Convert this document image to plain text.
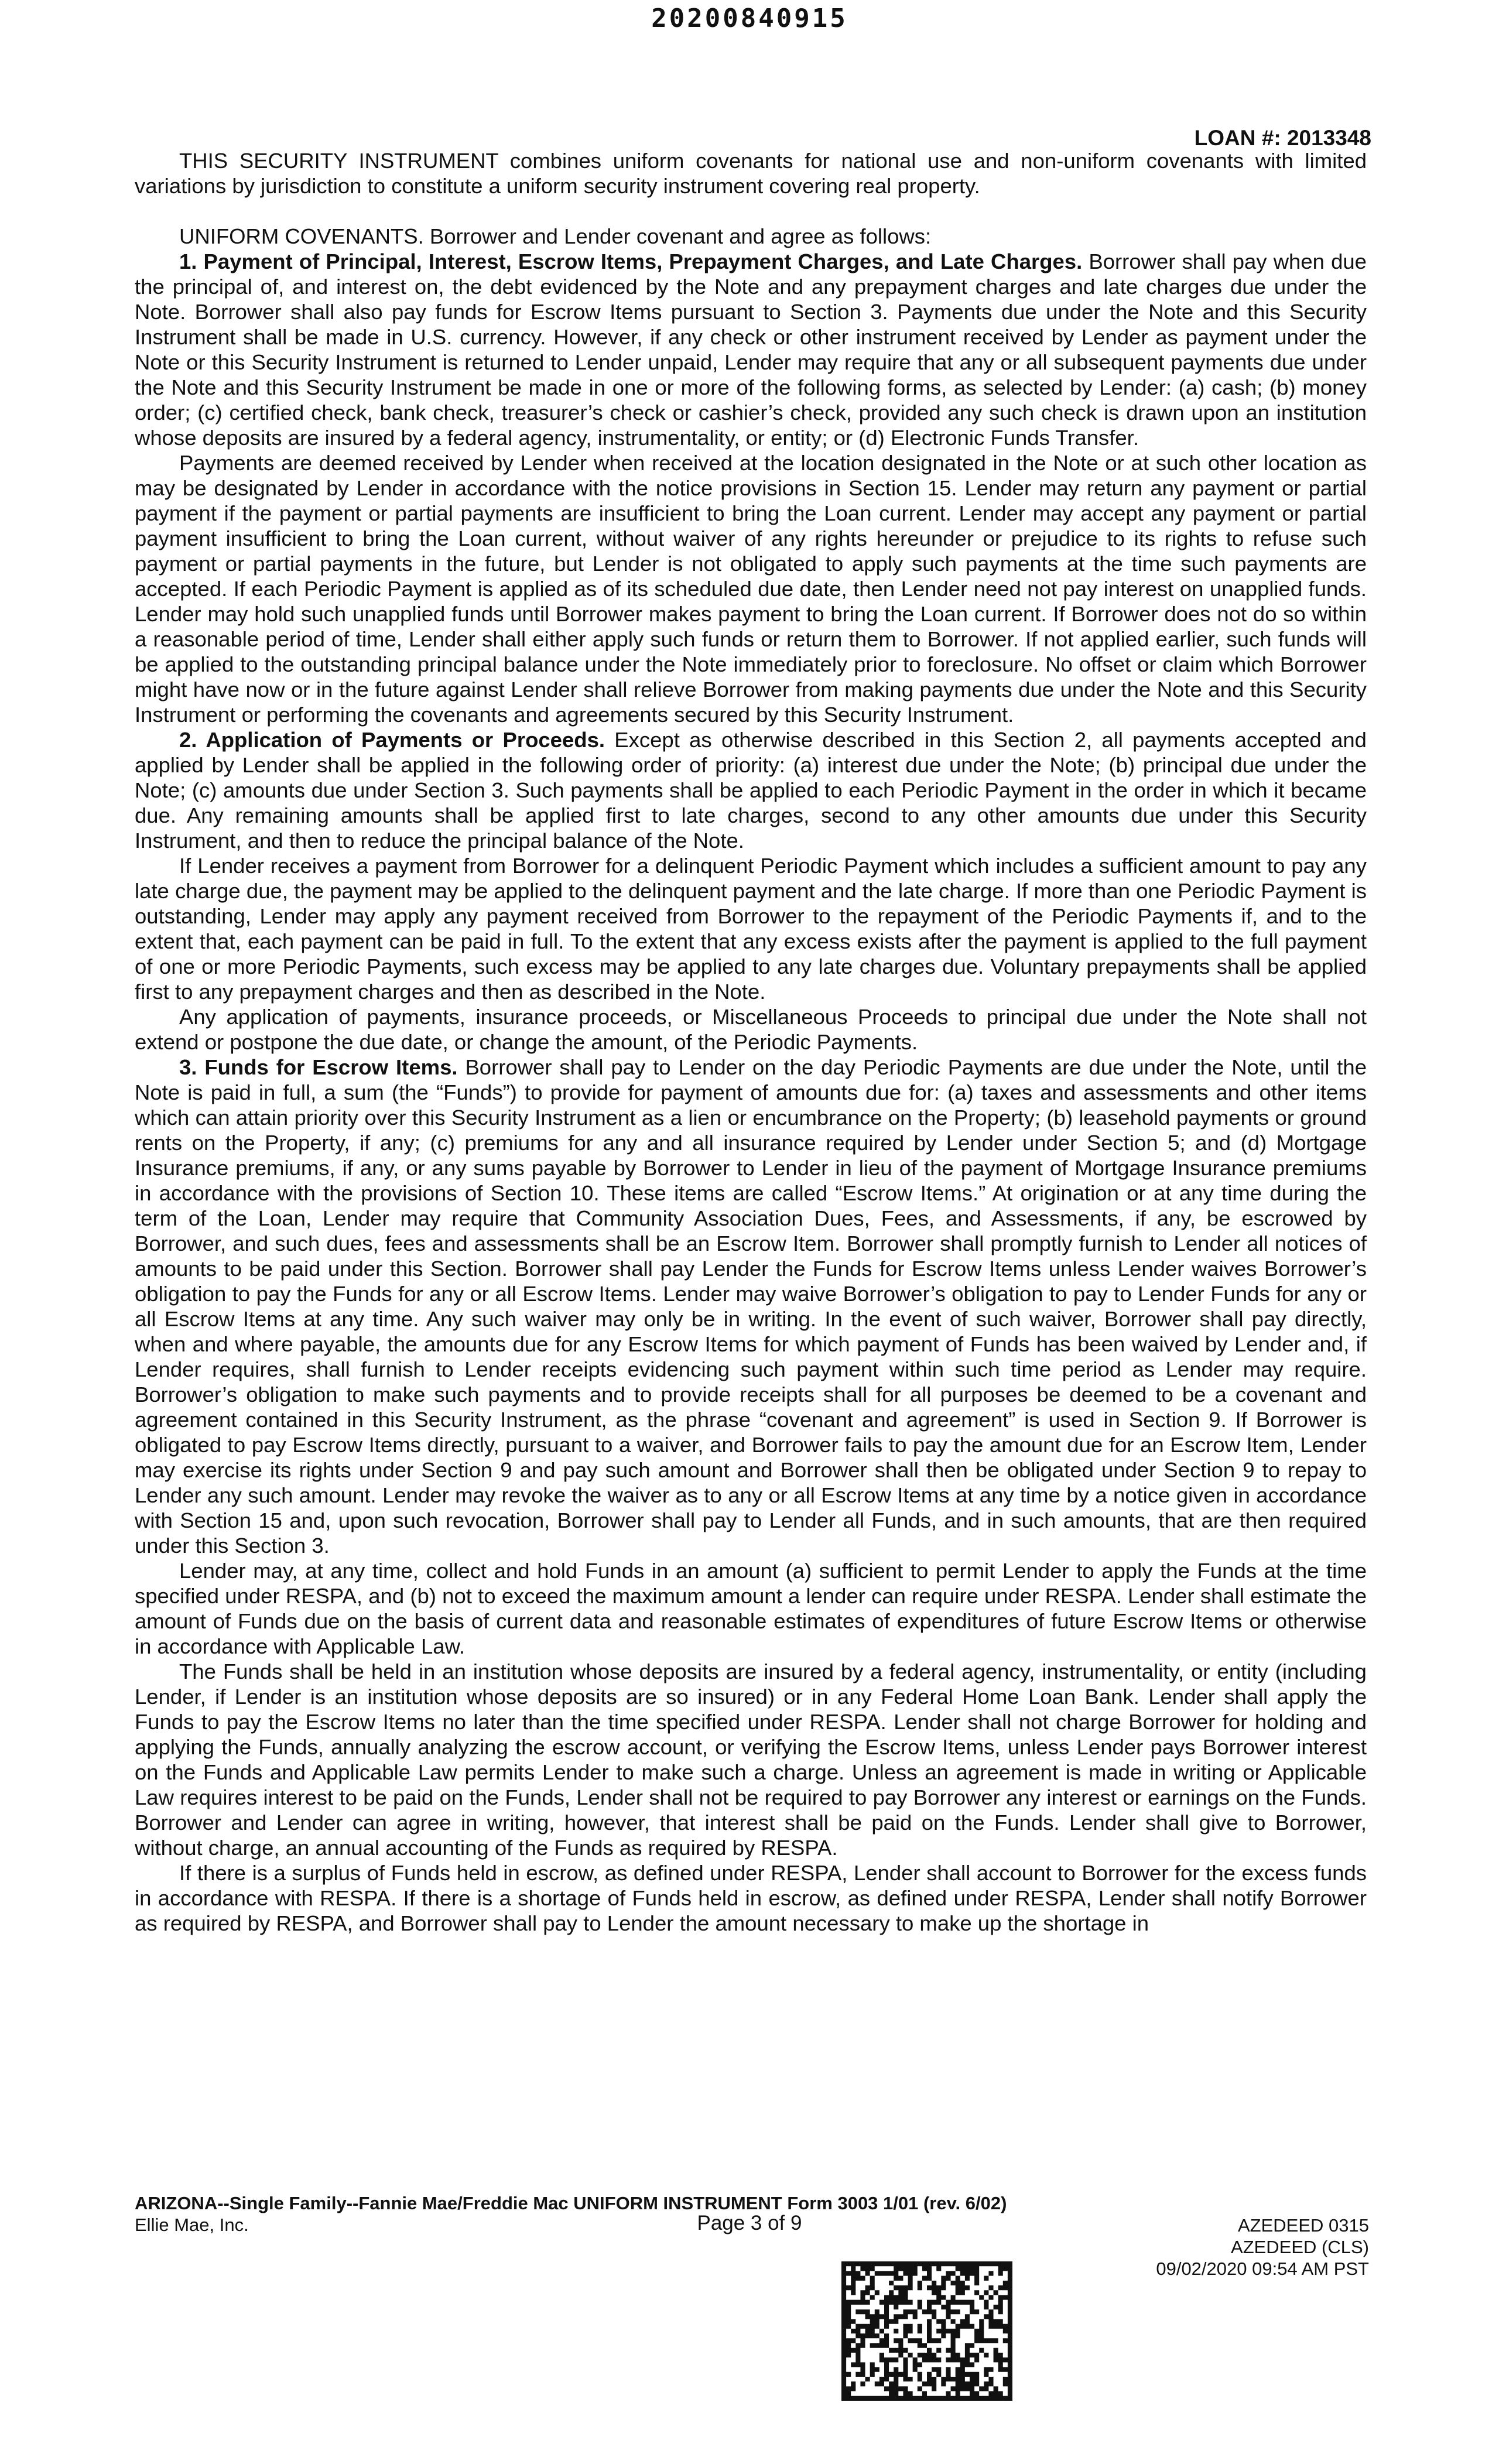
20200840915
LOAN #: 2013348

THIS SECURITY INSTRUMENT combines uniform covenants for national use and non-uniform covenants with limited variations by jurisdiction to constitute a uniform security instrument covering real property.

UNIFORM COVENANTS. Borrower and Lender covenant and agree as follows:

1. Payment of Principal, Interest, Escrow Items, Prepayment Charges, and Late Charges. Borrower shall pay when due the principal of, and interest on, the debt evidenced by the Note and any prepayment charges and late charges due under the Note. Borrower shall also pay funds for Escrow Items pursuant to Section 3. Payments due under the Note and this Security Instrument shall be made in U.S. currency. However, if any check or other instrument received by Lender as payment under the Note or this Security Instrument is returned to Lender unpaid, Lender may require that any or all subsequent payments due under the Note and this Security Instrument be made in one or more of the following forms, as selected by Lender: (a) cash; (b) money order; (c) certified check, bank check, treasurer’s check or cashier’s check, provided any such check is drawn upon an institution whose deposits are insured by a federal agency, instrumentality, or entity; or (d) Electronic Funds Transfer.

Payments are deemed received by Lender when received at the location designated in the Note or at such other location as may be designated by Lender in accordance with the notice provisions in Section 15. Lender may return any payment or partial payment if the payment or partial payments are insufficient to bring the Loan current. Lender may accept any payment or partial payment insufficient to bring the Loan current, without waiver of any rights hereunder or prejudice to its rights to refuse such payment or partial payments in the future, but Lender is not obligated to apply such payments at the time such payments are accepted. If each Periodic Payment is applied as of its scheduled due date, then Lender need not pay interest on unapplied funds. Lender may hold such unapplied funds until Borrower makes payment to bring the Loan current. If Borrower does not do so within a reasonable period of time, Lender shall either apply such funds or return them to Borrower. If not applied earlier, such funds will be applied to the outstanding principal balance under the Note immediately prior to foreclosure. No offset or claim which Borrower might have now or in the future against Lender shall relieve Borrower from making payments due under the Note and this Security Instrument or performing the covenants and agreements secured by this Security Instrument.

2. Application of Payments or Proceeds. Except as otherwise described in this Section 2, all payments accepted and applied by Lender shall be applied in the following order of priority: (a) interest due under the Note; (b) principal due under the Note; (c) amounts due under Section 3. Such payments shall be applied to each Periodic Payment in the order in which it became due. Any remaining amounts shall be applied first to late charges, second to any other amounts due under this Security Instrument, and then to reduce the principal balance of the Note.

If Lender receives a payment from Borrower for a delinquent Periodic Payment which includes a sufficient amount to pay any late charge due, the payment may be applied to the delinquent payment and the late charge. If more than one Periodic Payment is outstanding, Lender may apply any payment received from Borrower to the repayment of the Periodic Payments if, and to the extent that, each payment can be paid in full. To the extent that any excess exists after the payment is applied to the full payment of one or more Periodic Payments, such excess may be applied to any late charges due. Voluntary prepayments shall be applied first to any prepayment charges and then as described in the Note.

Any application of payments, insurance proceeds, or Miscellaneous Proceeds to principal due under the Note shall not extend or postpone the due date, or change the amount, of the Periodic Payments.

3. Funds for Escrow Items. Borrower shall pay to Lender on the day Periodic Payments are due under the Note, until the Note is paid in full, a sum (the “Funds”) to provide for payment of amounts due for: (a) taxes and assessments and other items which can attain priority over this Security Instrument as a lien or encumbrance on the Property; (b) leasehold payments or ground rents on the Property, if any; (c) premiums for any and all insurance required by Lender under Section 5; and (d) Mortgage Insurance premiums, if any, or any sums payable by Borrower to Lender in lieu of the payment of Mortgage Insurance premiums in accordance with the provisions of Section 10. These items are called “Escrow Items.” At origination or at any time during the term of the Loan, Lender may require that Community Association Dues, Fees, and Assessments, if any, be escrowed by Borrower, and such dues, fees and assessments shall be an Escrow Item. Borrower shall promptly furnish to Lender all notices of amounts to be paid under this Section. Borrower shall pay Lender the Funds for Escrow Items unless Lender waives Borrower’s obligation to pay the Funds for any or all Escrow Items. Lender may waive Borrower’s obligation to pay to Lender Funds for any or all Escrow Items at any time. Any such waiver may only be in writing. In the event of such waiver, Borrower shall pay directly, when and where payable, the amounts due for any Escrow Items for which payment of Funds has been waived by Lender and, if Lender requires, shall furnish to Lender receipts evidencing such payment within such time period as Lender may require. Borrower’s obligation to make such payments and to provide receipts shall for all purposes be deemed to be a covenant and agreement contained in this Security Instrument, as the phrase “covenant and agreement” is used in Section 9. If Borrower is obligated to pay Escrow Items directly, pursuant to a waiver, and Borrower fails to pay the amount due for an Escrow Item, Lender may exercise its rights under Section 9 and pay such amount and Borrower shall then be obligated under Section 9 to repay to Lender any such amount. Lender may revoke the waiver as to any or all Escrow Items at any time by a notice given in accordance with Section 15 and, upon such revocation, Borrower shall pay to Lender all Funds, and in such amounts, that are then required under this Section 3.

Lender may, at any time, collect and hold Funds in an amount (a) sufficient to permit Lender to apply the Funds at the time specified under RESPA, and (b) not to exceed the maximum amount a lender can require under RESPA. Lender shall estimate the amount of Funds due on the basis of current data and reasonable estimates of expenditures of future Escrow Items or otherwise in accordance with Applicable Law.

The Funds shall be held in an institution whose deposits are insured by a federal agency, instrumentality, or entity (including Lender, if Lender is an institution whose deposits are so insured) or in any Federal Home Loan Bank. Lender shall apply the Funds to pay the Escrow Items no later than the time specified under RESPA. Lender shall not charge Borrower for holding and applying the Funds, annually analyzing the escrow account, or verifying the Escrow Items, unless Lender pays Borrower interest on the Funds and Applicable Law permits Lender to make such a charge. Unless an agreement is made in writing or Applicable Law requires interest to be paid on the Funds, Lender shall not be required to pay Borrower any interest or earnings on the Funds. Borrower and Lender can agree in writing, however, that interest shall be paid on the Funds. Lender shall give to Borrower, without charge, an annual accounting of the Funds as required by RESPA.

If there is a surplus of Funds held in escrow, as defined under RESPA, Lender shall account to Borrower for the excess funds in accordance with RESPA. If there is a shortage of Funds held in escrow, as defined under RESPA, Lender shall notify Borrower as required by RESPA, and Borrower shall pay to Lender the amount necessary to make up the shortage in

ARIZONA--Single Family--Fannie Mae/Freddie Mac UNIFORM INSTRUMENT Form 3003 1/01 (rev. 6/02)
Ellie Mae, Inc.	Page 3 of 9	AZEDEED 0315
AZEDEED (CLS)
09/02/2020 09:54 AM PST
